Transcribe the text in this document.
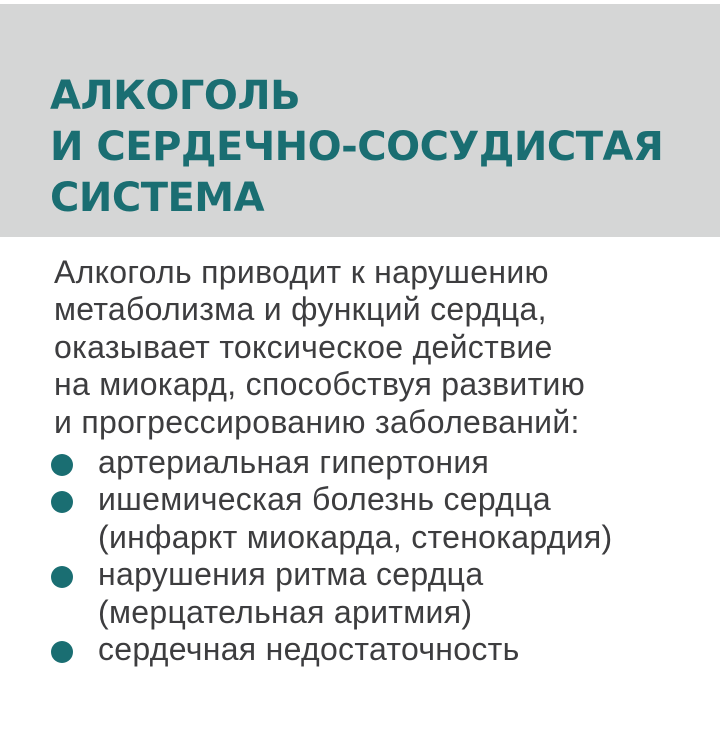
АЛКОГОЛЬ
И СЕРДЕЧНО-СОСУДИСТАЯ
СИСТЕМА

Алкоголь приводит к нарушению
метаболизма и функций сердца,
оказывает токсическое действие
на миокард, способствуя развитию
и прогрессированию заболеваний:

артериальная гипертония
ишемическая болезнь сердца
(инфаркт миокарда, стенокардия)
нарушения ритма сердца
(мерцательная аритмия)
сердечная недостаточность
